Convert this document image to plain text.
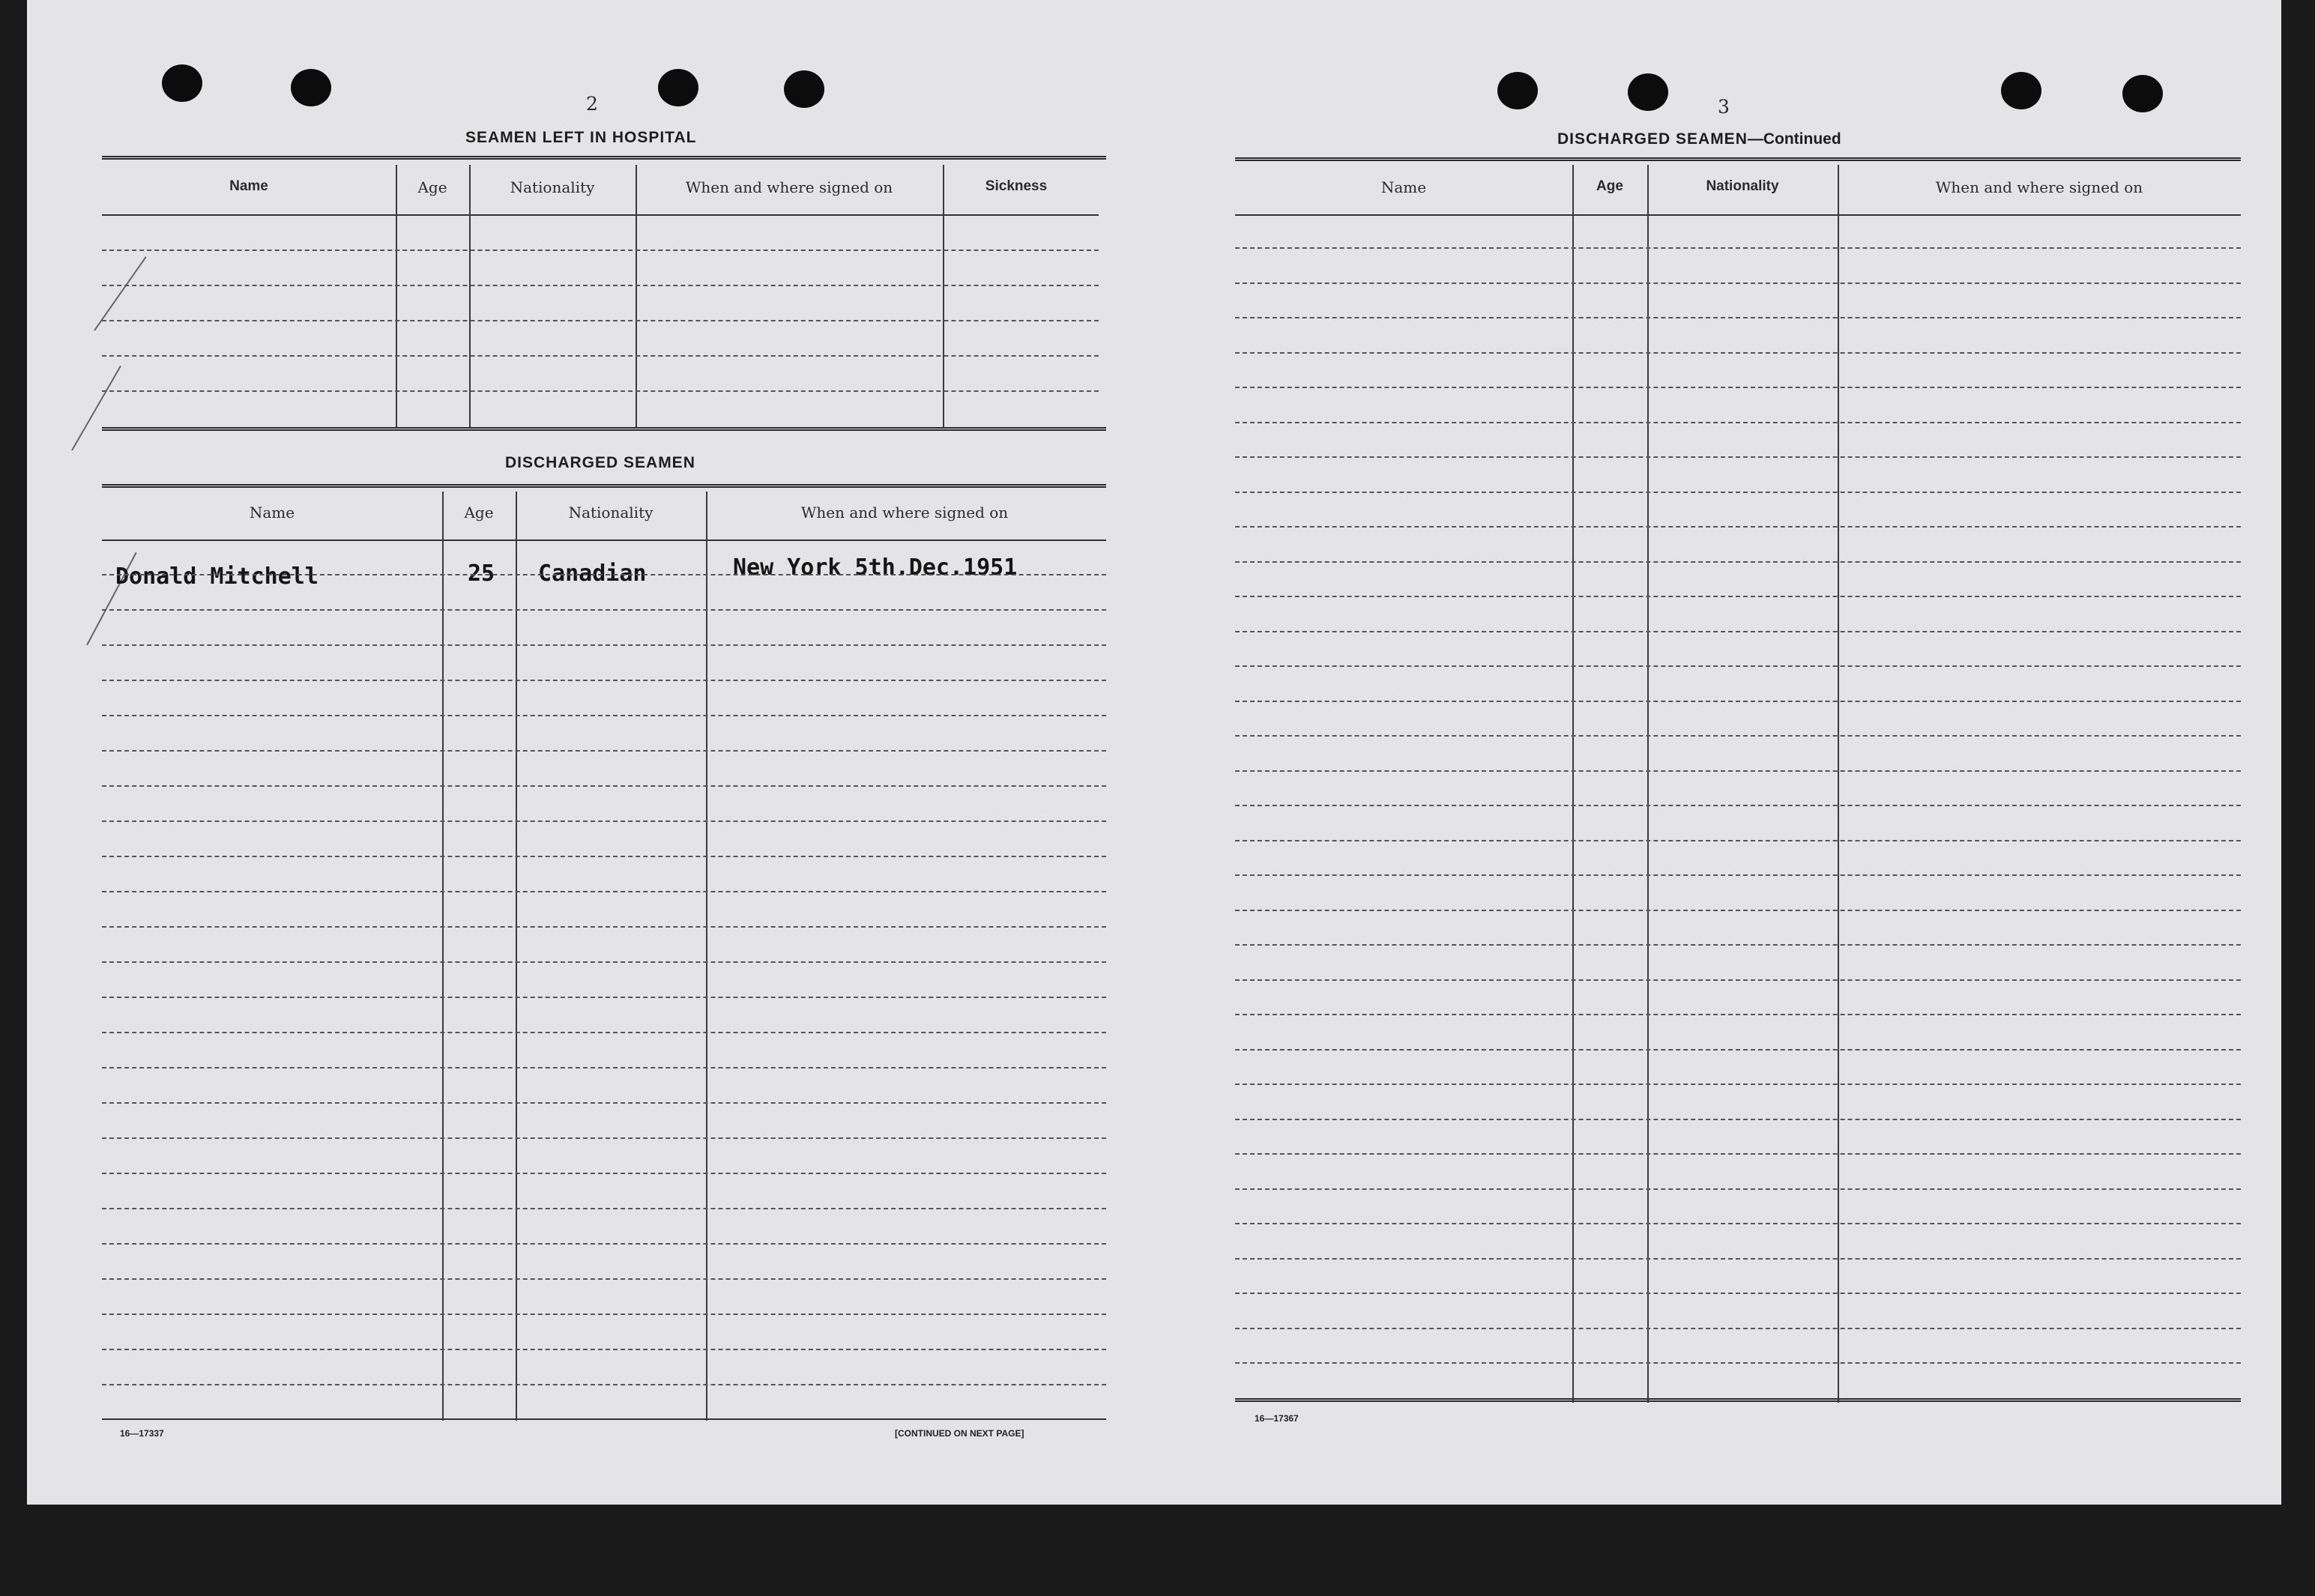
2
SEAMEN LEFT IN HOSPITAL
Name	Age	Nationality	When and where signed on	Sickness
DISCHARGED SEAMEN
Name	Age	Nationality	When and where signed on
Donald Mitchell	25 Canadian	New York 5th.Dec.1951
16—17337	[CONTINUED ON NEXT PAGE]
3
DISCHARGED SEAMEN—Continued
Name	Age	Nationality	When and where signed on
16—17367
